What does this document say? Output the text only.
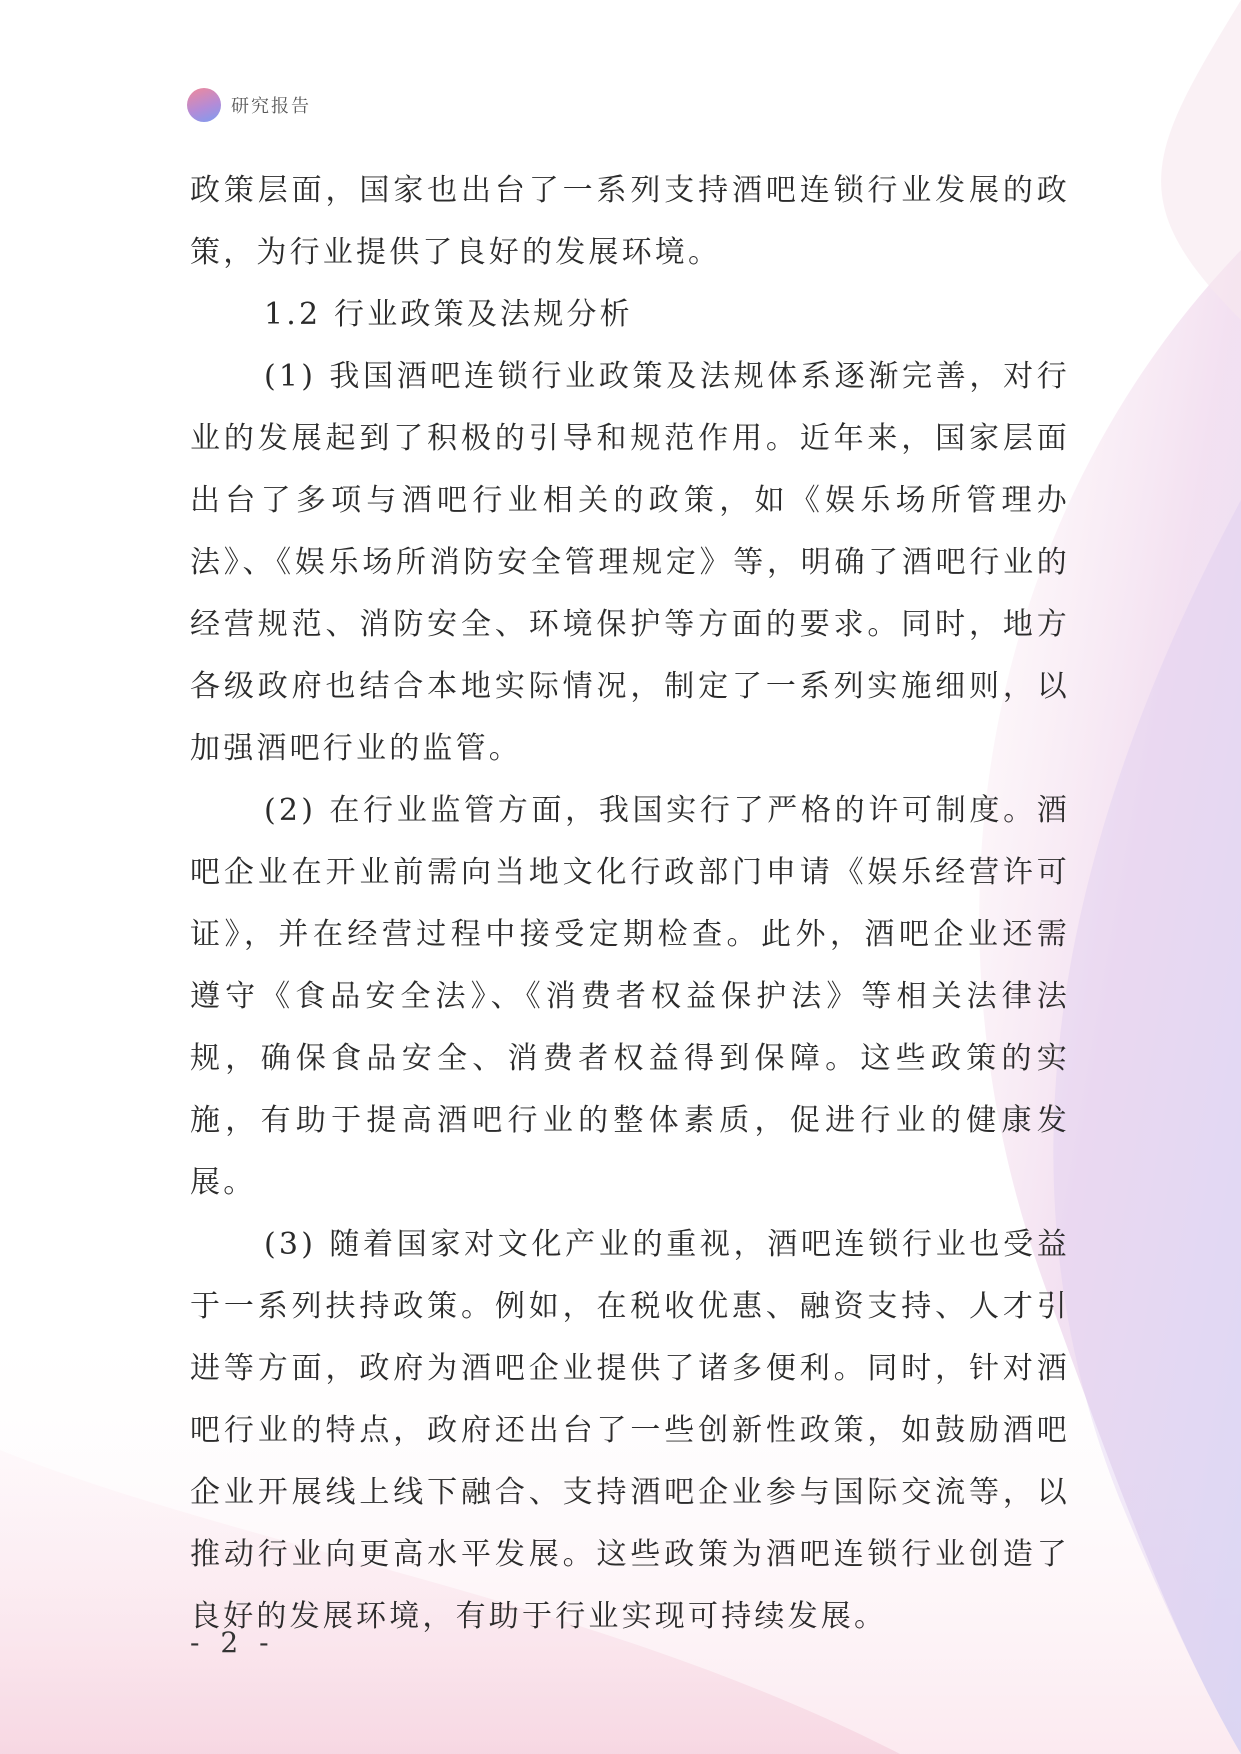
研究报告

政策层面，国家也出台了一系列支持酒吧连锁行业发展的政策，为行业提供了良好的发展环境。

1.2 行业政策及法规分析

(1) 我国酒吧连锁行业政策及法规体系逐渐完善，对行业的发展起到了积极的引导和规范作用。近年来，国家层面出台了多项与酒吧行业相关的政策，如《娱乐场所管理办法》、《娱乐场所消防安全管理规定》等，明确了酒吧行业的经营规范、消防安全、环境保护等方面的要求。同时，地方各级政府也结合本地实际情况，制定了一系列实施细则，以加强酒吧行业的监管。

(2) 在行业监管方面，我国实行了严格的许可制度。酒吧企业在开业前需向当地文化行政部门申请《娱乐经营许可证》，并在经营过程中接受定期检查。此外，酒吧企业还需遵守《食品安全法》、《消费者权益保护法》等相关法律法规，确保食品安全、消费者权益得到保障。这些政策的实施，有助于提高酒吧行业的整体素质，促进行业的健康发展。

(3) 随着国家对文化产业的重视，酒吧连锁行业也受益于一系列扶持政策。例如，在税收优惠、融资支持、人才引进等方面，政府为酒吧企业提供了诸多便利。同时，针对酒吧行业的特点，政府还出台了一些创新性政策，如鼓励酒吧企业开展线上线下融合、支持酒吧企业参与国际交流等，以推动行业向更高水平发展。这些政策为酒吧连锁行业创造了良好的发展环境，有助于行业实现可持续发展。

- 2 -
